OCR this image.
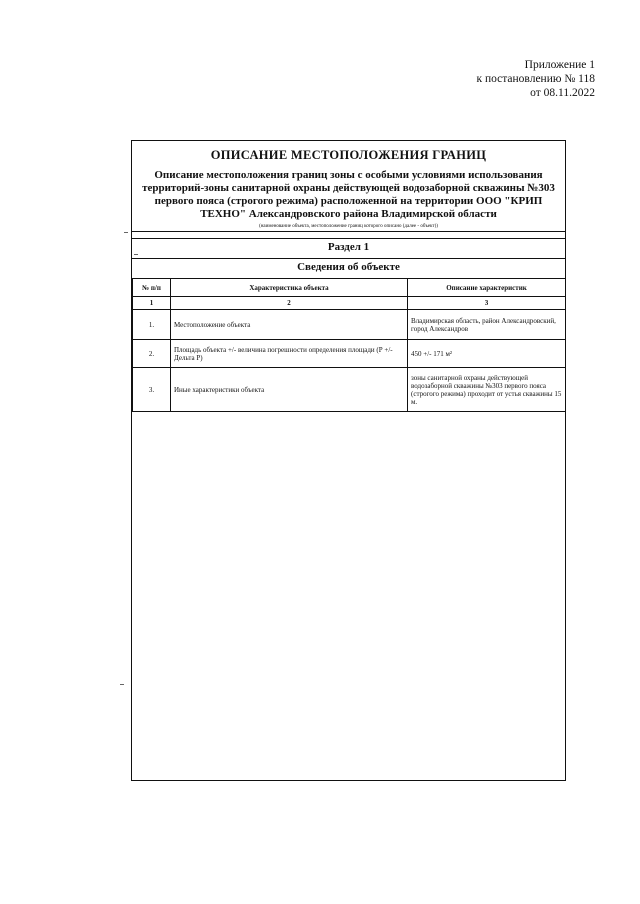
Приложение 1
к постановлению № 118
от 08.11.2022
ОПИСАНИЕ МЕСТОПОЛОЖЕНИЯ ГРАНИЦ
Описание местоположения границ зоны с особыми условиями использования территорий-зоны санитарной охраны действующей водозаборной скважины №303 первого пояса (строгого режима) расположенной на территории ООО "КРИП ТЕХНО" Александровского района Владимирской области
(наименование объекта, местоположение границ которого описано (далее - объект))
Раздел 1
Сведения об объекте
№ п/п	Характеристика объекта	Описание характеристик
1	2	3
1.	Местоположение объекта	Владимирская область, район Александровский, город Александров
2.	Площадь объекта +/- величина погрешности определения площади (Р +/- Дельта Р)	450 +/- 171 м²
3.	Иные характеристики объекта	зоны санитарной охраны действующей водозаборной скважины №303 первого пояса (строгого режима) проходит от устья скважины 15 м.
